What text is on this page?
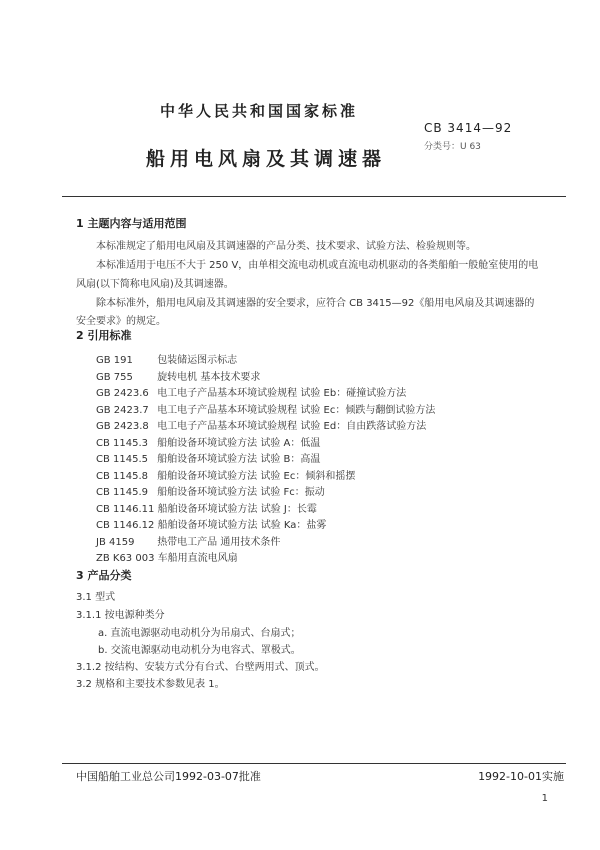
中华人民共和国国家标准
CB 3414—92
分类号：U 63
船用电风扇及其调速器
1 主题内容与适用范围
本标准规定了船用电风扇及其调速器的产品分类、技术要求、试验方法、检验规则等。
本标准适用于电压不大于 250 V，由单相交流电动机或直流电动机驱动的各类船舶一般舱室使用的电
风扇(以下简称电风扇)及其调速器。
除本标准外，船用电风扇及其调速器的安全要求，应符合 CB 3415—92《船用电风扇及其调速器的
安全要求》的规定。
2 引用标准
GB 191 包装储运图示标志
GB 755 旋转电机 基本技术要求
GB 2423.6 电工电子产品基本环境试验规程 试验 Eb：碰撞试验方法
GB 2423.7 电工电子产品基本环境试验规程 试验 Ec：倾跌与翻倒试验方法
GB 2423.8 电工电子产品基本环境试验规程 试验 Ed：自由跌落试验方法
CB 1145.3 船舶设备环境试验方法 试验 A：低温
CB 1145.5 船舶设备环境试验方法 试验 B：高温
CB 1145.8 船舶设备环境试验方法 试验 Ec：倾斜和摇摆
CB 1145.9 船舶设备环境试验方法 试验 Fc：振动
CB 1146.11 船舶设备环境试验方法 试验 J：长霉
CB 1146.12 船舶设备环境试验方法 试验 Ka：盐雾
JB 4159 热带电工产品 通用技术条件
ZB K63 003 车船用直流电风扇
3 产品分类
3.1 型式
3.1.1 按电源种类分
a. 直流电源驱动电动机分为吊扇式、台扇式；
b. 交流电源驱动电动机分为电容式、罩极式。
3.1.2 按结构、安装方式分有台式、台壁两用式、顶式。
3.2 规格和主要技术参数见表 1。
中国船舶工业总公司1992-03-07批准	1992-10-01实施
1
